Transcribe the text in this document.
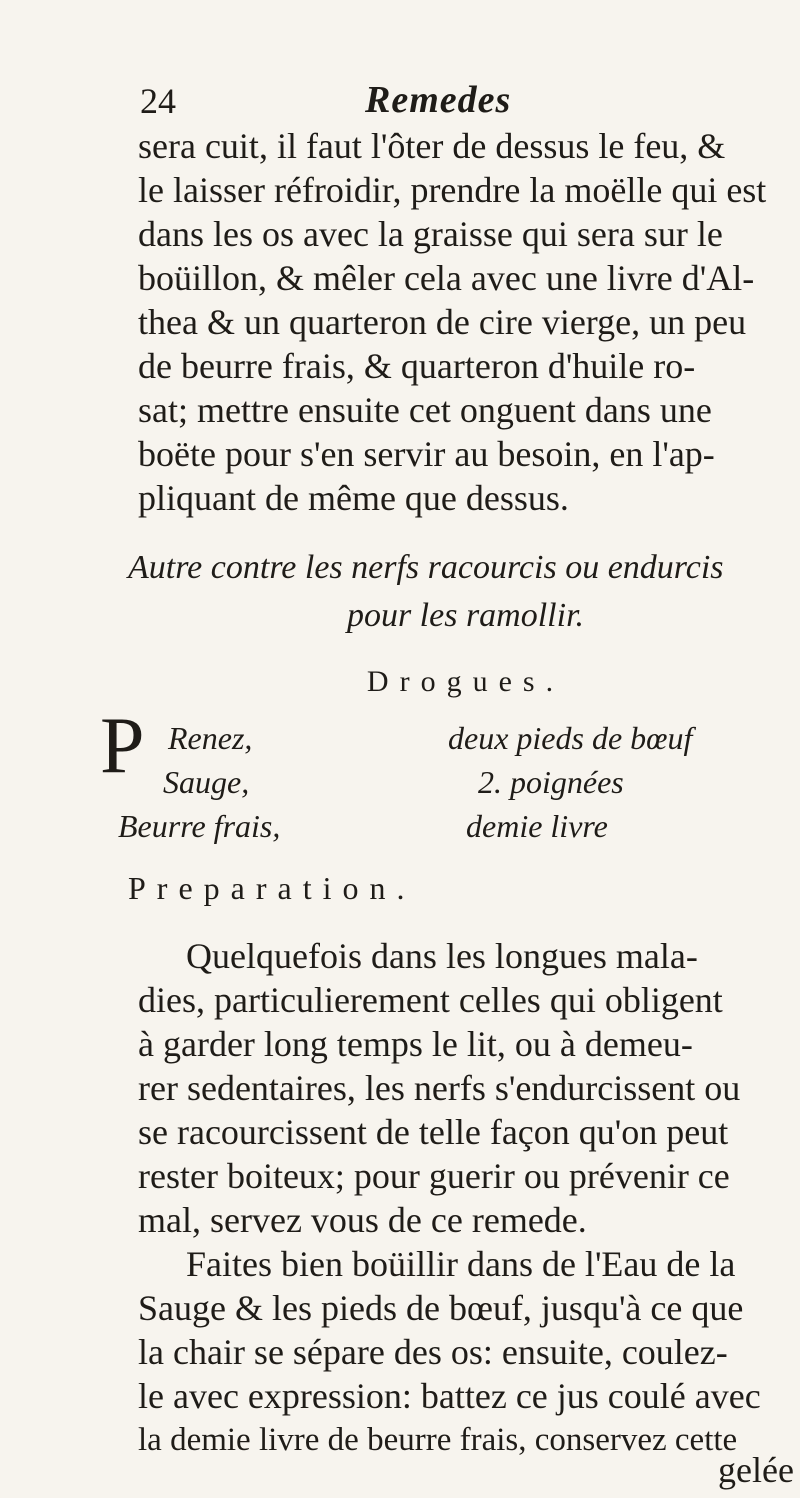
24	Remedes
sera cuit, il faut l'ôter de dessus le feu, &
le laisser réfroidir, prendre la moëlle qui est
dans les os avec la graisse qui sera sur le
boüillon, & mêler cela avec une livre d'Al-
thea & un quarteron de cire vierge, un peu
de beurre frais, & quarteron d'huile ro-
sat; mettre ensuite cet onguent dans une
boëte pour s'en servir au besoin, en l'ap-
pliquant de même que dessus.
Autre contre les nerfs racourcis ou endurcis
pour les ramollir.
Drogues.
P Renez,
Sauge,
Beurre frais,
deux pieds de bœuf
2. poignées
demie livre
Preparation.
Quelquefois dans les longues mala-
dies, particulierement celles qui obligent
à garder long temps le lit, ou à demeu-
rer sedentaires, les nerfs s'endurcissent ou
se racourcissent de telle façon qu'on peut
rester boiteux; pour guerir ou prévenir ce
mal, servez vous de ce remede.
Faites bien boüillir dans de l'Eau de la
Sauge & les pieds de bœuf, jusqu'à ce que
la chair se sépare des os: ensuite, coulez-
le avec expression: battez ce jus coulé avec
la demie livre de beurre frais, conservez cette
gelée
